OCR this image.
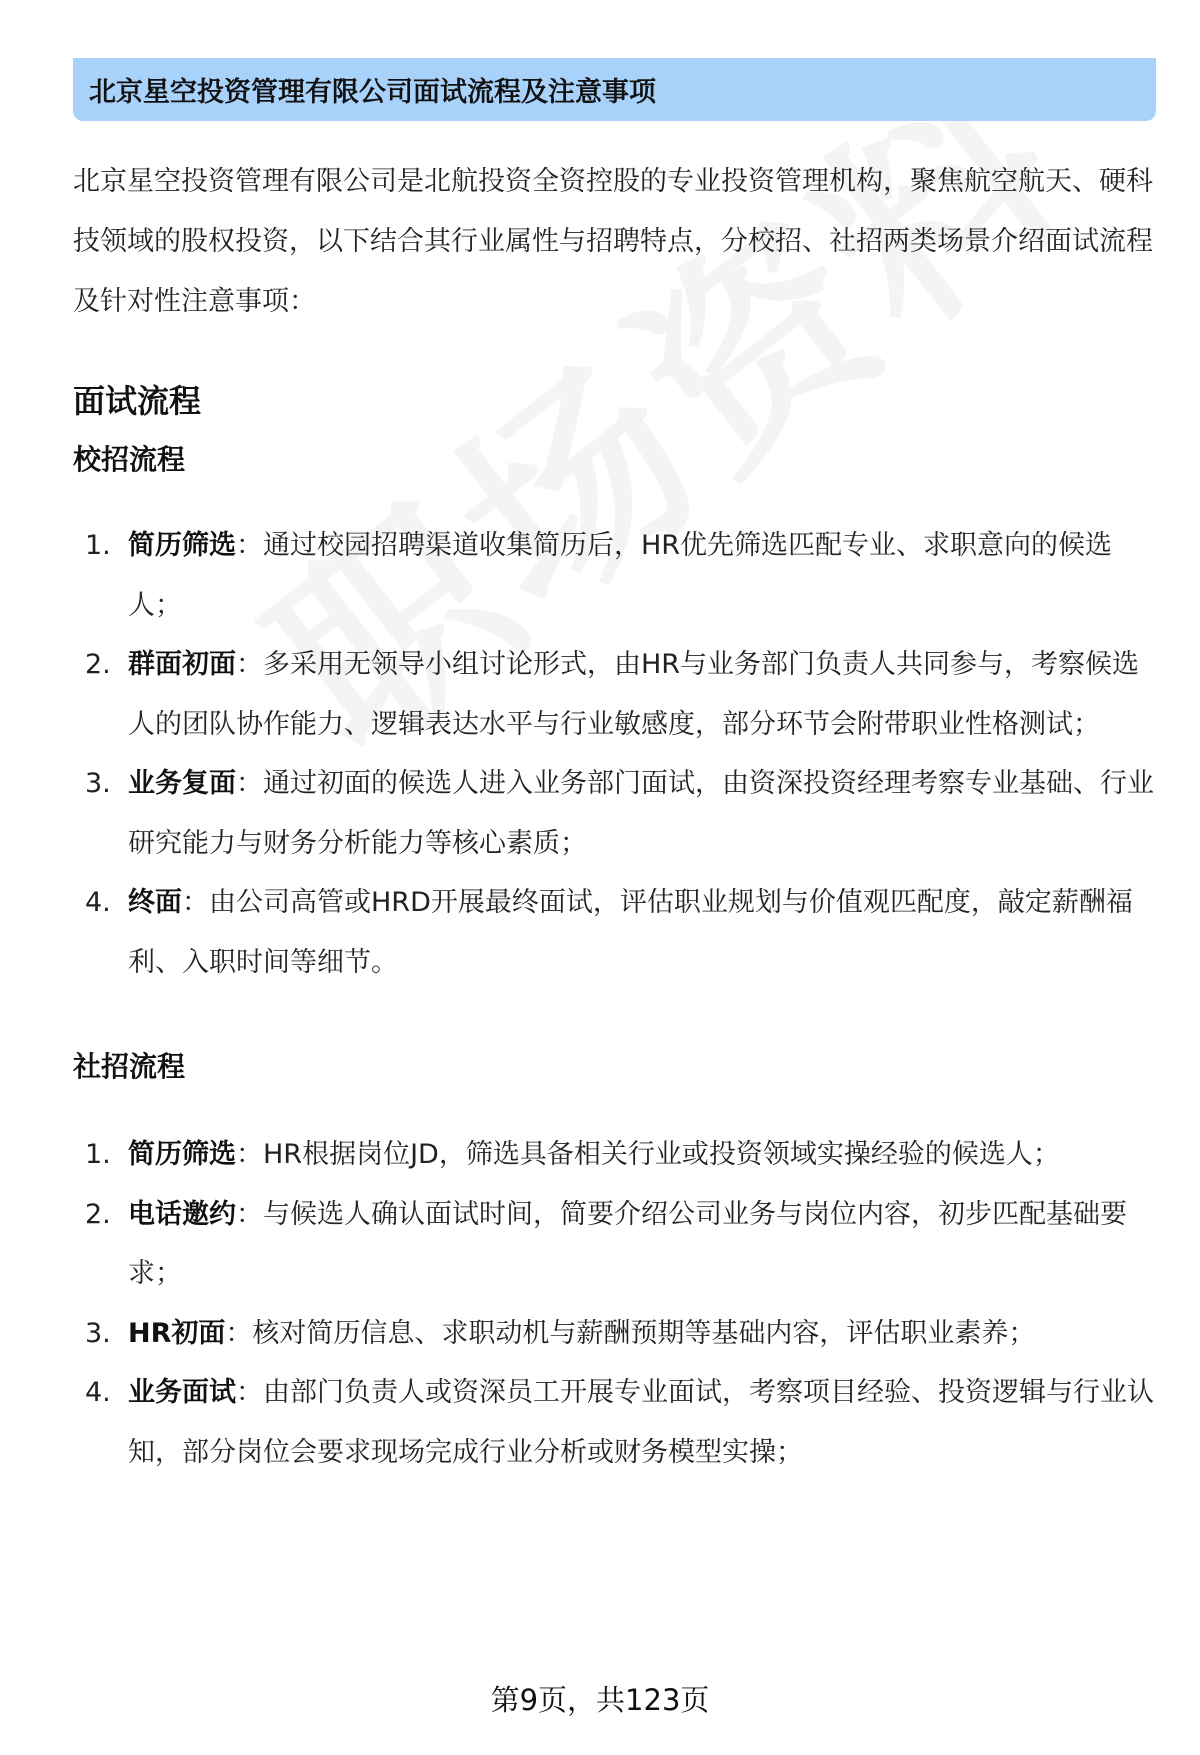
北京星空投资管理有限公司面试流程及注意事项

北京星空投资管理有限公司是北航投资全资控股的专业投资管理机构，聚焦航空航天、硬科技领域的股权投资，以下结合其行业属性与招聘特点，分校招、社招两类场景介绍面试流程及针对性注意事项：

面试流程
校招流程
1. 简历筛选：通过校园招聘渠道收集简历后，HR优先筛选匹配专业、求职意向的候选人；
2. 群面初面：多采用无领导小组讨论形式，由HR与业务部门负责人共同参与，考察候选人的团队协作能力、逻辑表达水平与行业敏感度，部分环节会附带职业性格测试；
3. 业务复面：通过初面的候选人进入业务部门面试，由资深投资经理考察专业基础、行业研究能力与财务分析能力等核心素质；
4. 终面：由公司高管或HRD开展最终面试，评估职业规划与价值观匹配度，敲定薪酬福利、入职时间等细节。
社招流程
1. 简历筛选：HR根据岗位JD，筛选具备相关行业或投资领域实操经验的候选人；
2. 电话邀约：与候选人确认面试时间，简要介绍公司业务与岗位内容，初步匹配基础要求；
3. HR初面：核对简历信息、求职动机与薪酬预期等基础内容，评估职业素养；
4. 业务面试：由部门负责人或资深员工开展专业面试，考察项目经验、投资逻辑与行业认知，部分岗位会要求现场完成行业分析或财务模型实操；
第9页，共123页
